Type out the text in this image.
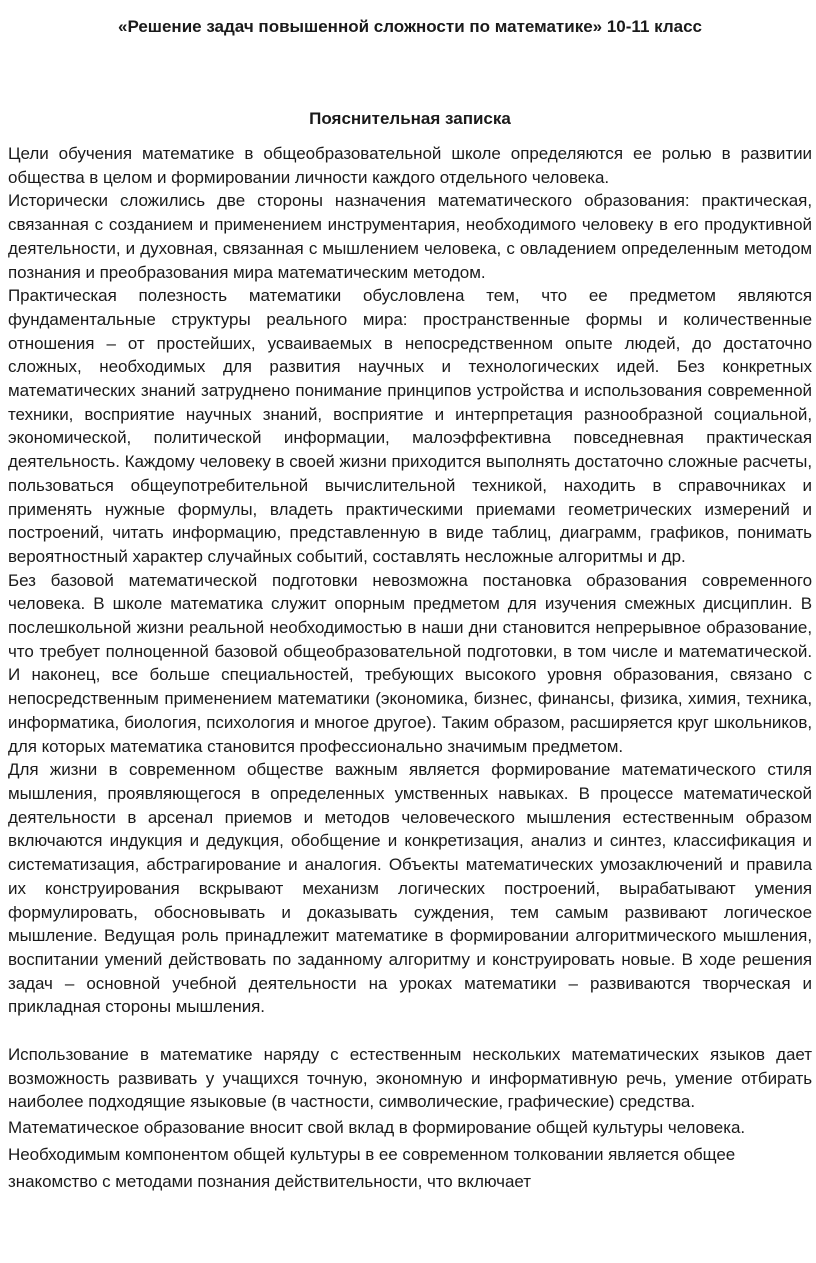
«Решение задач повышенной сложности по математике» 10-11 класс
Пояснительная записка

Цели обучения математике в общеобразовательной школе определяются ее ролью в развитии общества в целом и формировании личности каждого отдельного человека.

Исторически сложились две стороны назначения математического образования: практическая, связанная с созданием и применением инструментария, необходимого человеку в его продуктивной деятельности, и духовная, связанная с мышлением человека, с овладением определенным методом познания и преобразования мира математическим методом.

Практическая полезность математики обусловлена тем, что ее предметом являются фундаментальные структуры реального мира: пространственные формы и количественные отношения – от простейших, усваиваемых в непосредственном опыте людей, до достаточно сложных, необходимых для развития научных и технологических идей. Без конкретных математических знаний затруднено понимание принципов устройства и использования современной техники, восприятие научных знаний, восприятие и интерпретация разнообразной социальной, экономической, политической информации, малоэффективна повседневная практическая деятельность. Каждому человеку в своей жизни приходится выполнять достаточно сложные расчеты, пользоваться общеупотребительной вычислительной техникой, находить в справочниках и применять нужные формулы, владеть практическими приемами геометрических измерений и построений, читать информацию, представленную в виде таблиц, диаграмм, графиков, понимать вероятностный характер случайных событий, составлять несложные алгоритмы и др.

Без базовой математической подготовки невозможна постановка образования современного человека. В школе математика служит опорным предметом для изучения смежных дисциплин. В послешкольной жизни реальной необходимостью в наши дни становится непрерывное образование, что требует полноценной базовой общеобразовательной подготовки, в том числе и математической. И наконец, все больше специальностей, требующих высокого уровня образования, связано с непосредственным применением математики (экономика, бизнес, финансы, физика, химия, техника, информатика, биология, психология и многое другое). Таким образом, расширяется круг школьников, для которых математика становится профессионально значимым предметом.

Для жизни в современном обществе важным является формирование математического стиля мышления, проявляющегося в определенных умственных навыках. В процессе математической деятельности в арсенал приемов и методов человеческого мышления естественным образом включаются индукция и дедукция, обобщение и конкретизация, анализ и синтез, классификация и систематизация, абстрагирование и аналогия. Объекты математических умозаключений и правила их конструирования вскрывают механизм логических построений, вырабатывают умения формулировать, обосновывать и доказывать суждения, тем самым развивают логическое мышление. Ведущая роль принадлежит математике в формировании алгоритмического мышления, воспитании умений действовать по заданному алгоритму и конструировать новые. В ходе решения задач – основной учебной деятельности на уроках математики – развиваются творческая и прикладная стороны мышления.

Использование в математике наряду с естественным нескольких математических языков дает возможность развивать у учащихся точную, экономную и информативную речь, умение отбирать наиболее подходящие языковые (в частности, символические, графические) средства.

Математическое образование вносит свой вклад в формирование общей культуры человека. Необходимым компонентом общей культуры в ее современном толковании является общее знакомство с методами познания действительности, что включает
